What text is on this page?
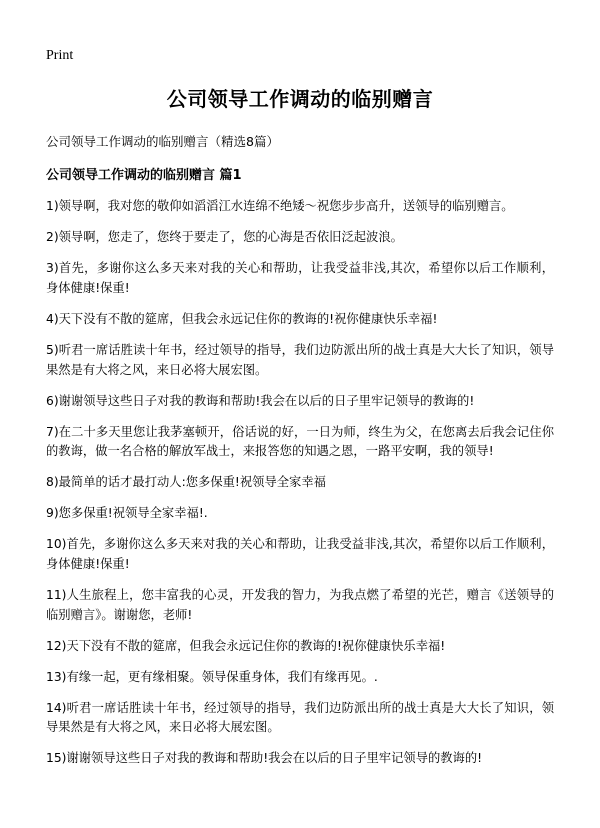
Print
公司领导工作调动的临别赠言
公司领导工作调动的临别赠言（精选8篇）
公司领导工作调动的临别赠言 篇1

1)领导啊，我对您的敬仰如滔滔江水连绵不绝矮～祝您步步高升，送领导的临别赠言。

2)领导啊，您走了，您终于要走了，您的心海是否依旧泛起波浪。

3)首先，多谢你这么多天来对我的关心和帮助，让我受益非浅,其次，希望你以后工作顺利，身体健康!保重!

4)天下没有不散的筵席，但我会永远记住你的教诲的!祝你健康快乐幸福!

5)听君一席话胜读十年书，经过领导的指导，我们边防派出所的战士真是大大长了知识，领导果然是有大将之风，来日必将大展宏图。

6)谢谢领导这些日子对我的教诲和帮助!我会在以后的日子里牢记领导的教诲的!

7)在二十多天里您让我茅塞顿开，俗话说的好，一日为师，终生为父，在您离去后我会记住你的教诲，做一名合格的解放军战士，来报答您的知遇之恩，一路平安啊，我的领导!

8)最简单的话才最打动人:您多保重!祝领导全家幸福

9)您多保重!祝领导全家幸福!.

10)首先，多谢你这么多天来对我的关心和帮助，让我受益非浅,其次，希望你以后工作顺利，身体健康!保重!

11)人生旅程上，您丰富我的心灵，开发我的智力，为我点燃了希望的光芒，赠言《送领导的临别赠言》。谢谢您，老师!

12)天下没有不散的筵席，但我会永远记住你的教诲的!祝你健康快乐幸福!

13)有缘一起，更有缘相聚。领导保重身体，我们有缘再见。.

14)听君一席话胜读十年书，经过领导的指导，我们边防派出所的战士真是大大长了知识，领导果然是有大将之风，来日必将大展宏图。

15)谢谢领导这些日子对我的教诲和帮助!我会在以后的日子里牢记领导的教诲的!
